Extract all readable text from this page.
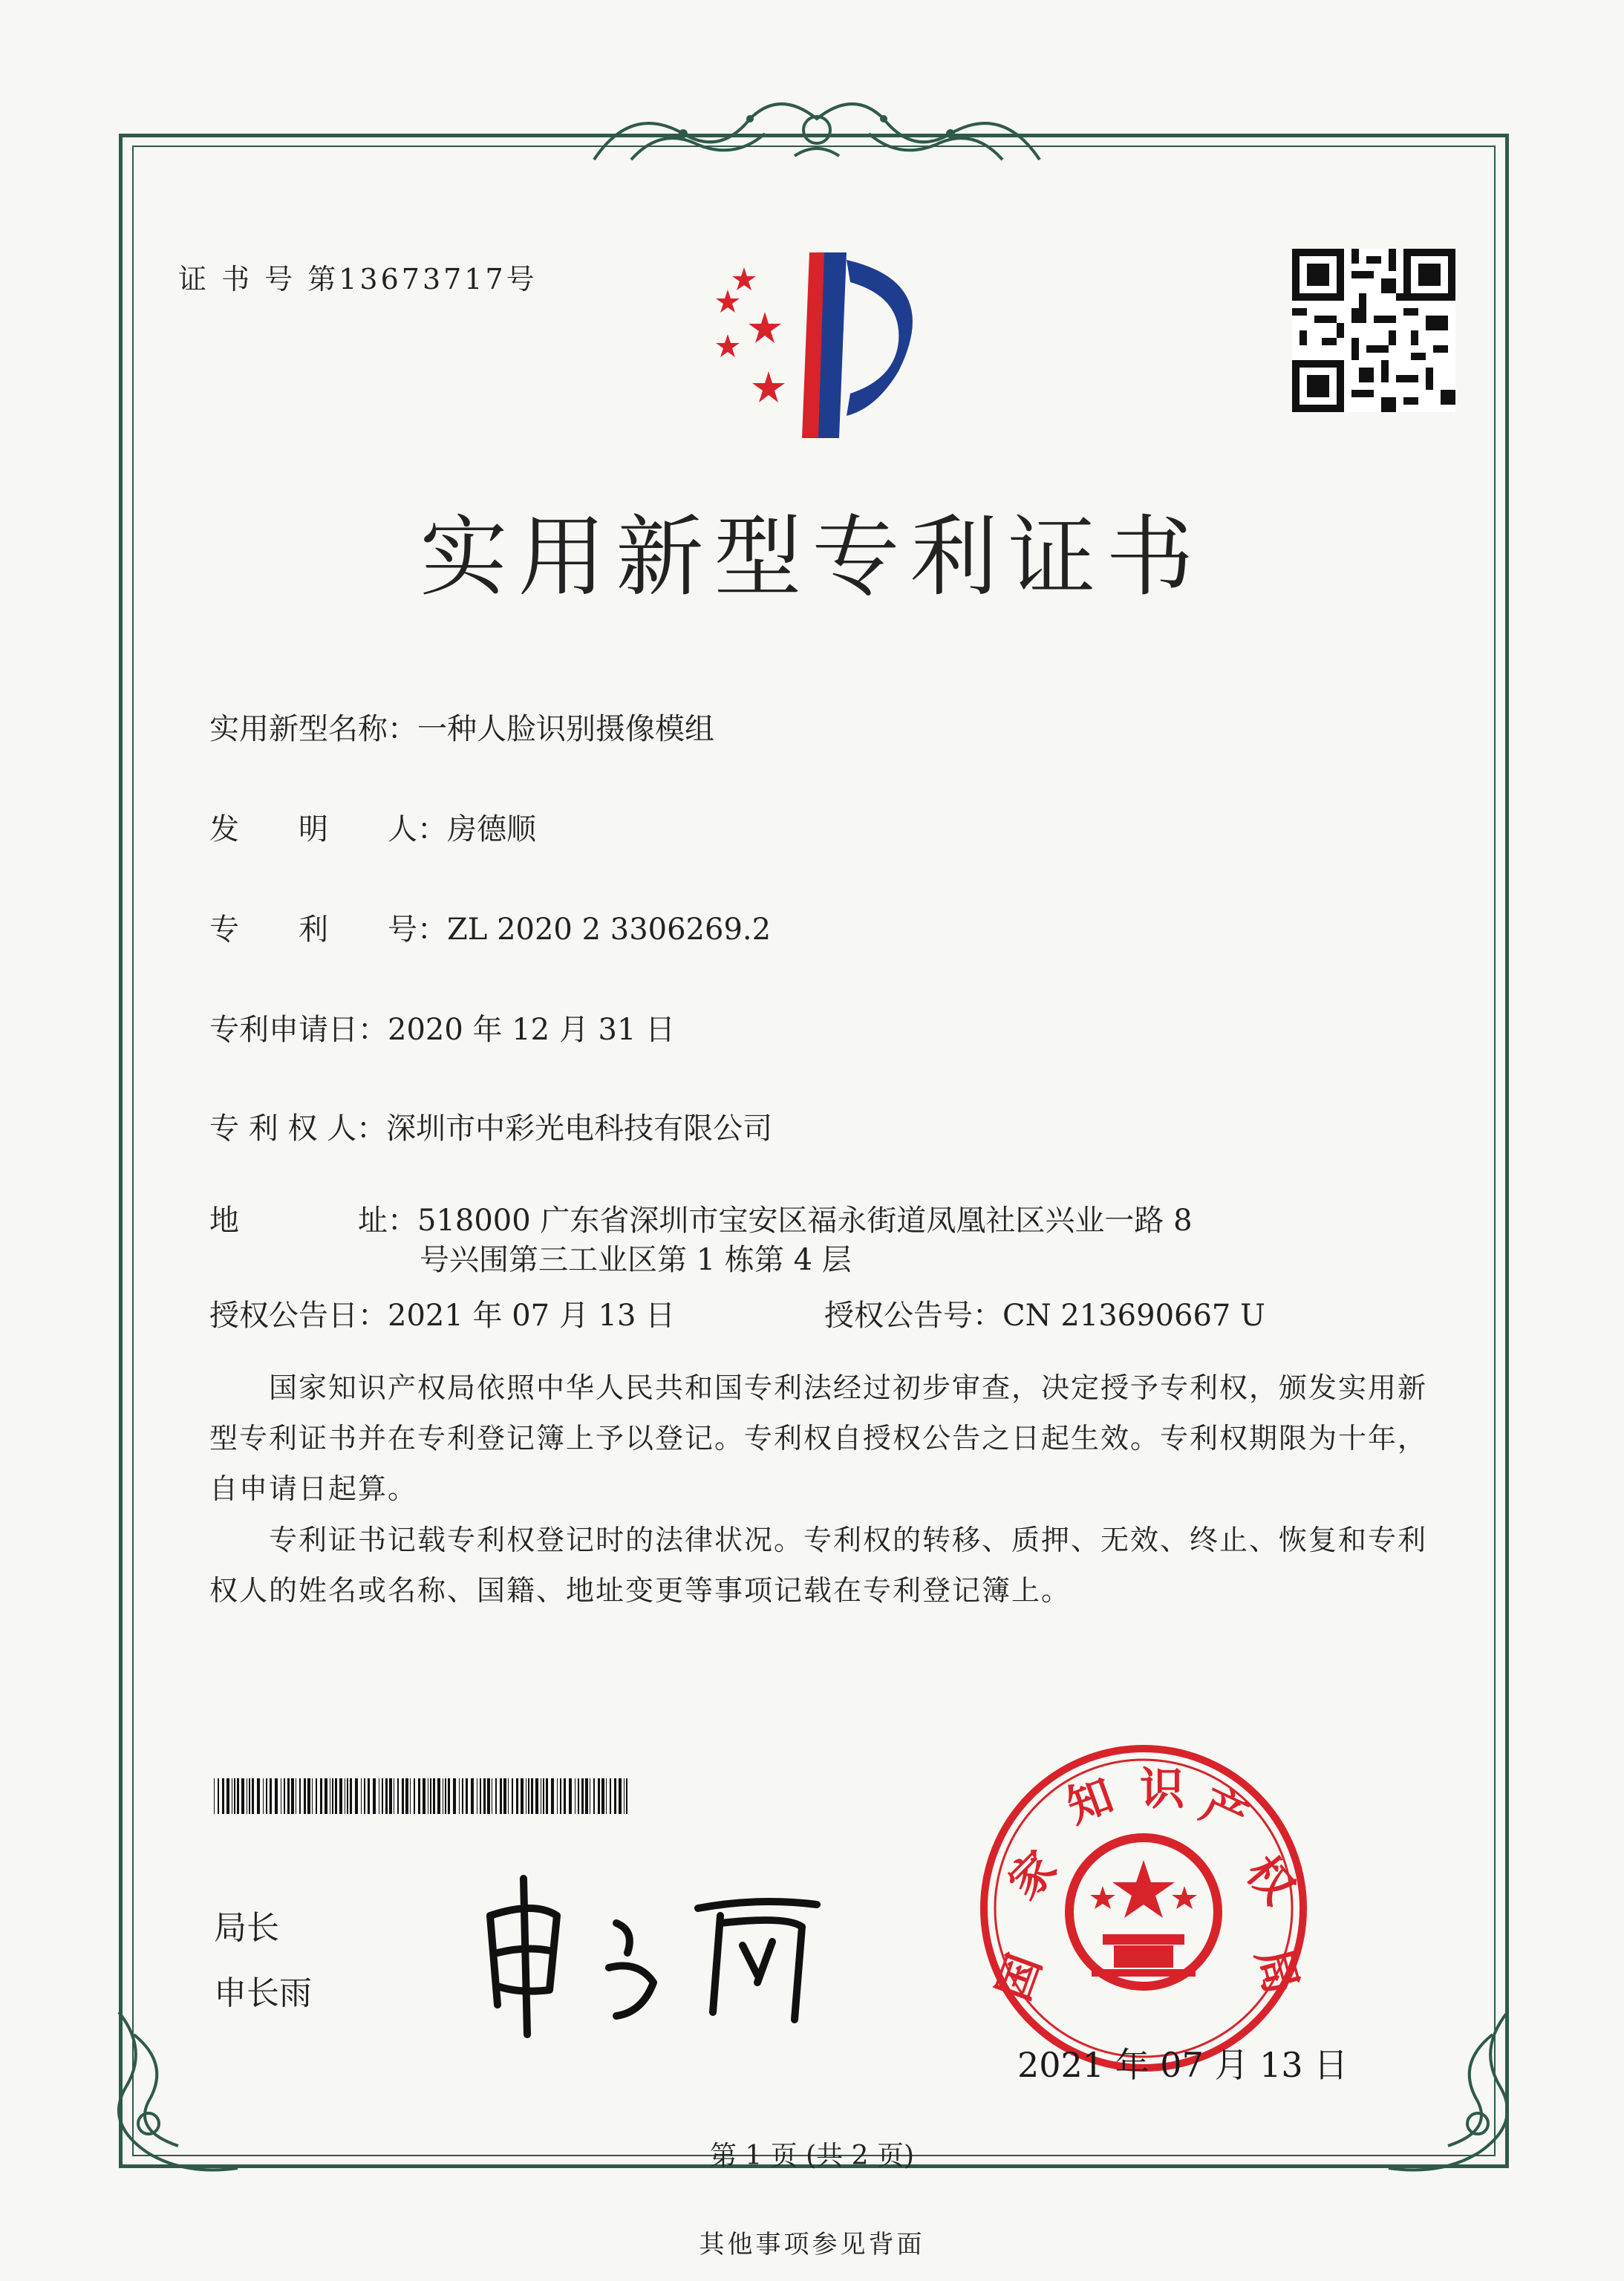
证 书 号 第13673717号
实用新型专利证书
实用新型名称：一种人脸识别摄像模组
发　　明　　人：房德顺
专　　利　　号：ZL 2020 2 3306269.2
专利申请日：2020 年 12 月 31 日
专 利 权 人：深圳市中彩光电科技有限公司
地　　　　址：518000 广东省深圳市宝安区福永街道凤凰社区兴业一路 8
号兴围第三工业区第 1 栋第 4 层
授权公告日：2021 年 07 月 13 日	授权公告号：CN 213690667 U
国家知识产权局依照中华人民共和国专利法经过初步审查，决定授予专利权，颁发实用新型专利证书并在专利登记簿上予以登记。专利权自授权公告之日起生效。专利权期限为十年，自申请日起算。
专利证书记载专利权登记时的法律状况。专利权的转移、质押、无效、终止、恢复和专利权人的姓名或名称、国籍、地址变更等事项记载在专利登记簿上。
局长
申长雨	国
家
知 识 产
权
局
2021 年 07 月 13 日
第 1 页 (共 2 页)
其他事项参见背面
